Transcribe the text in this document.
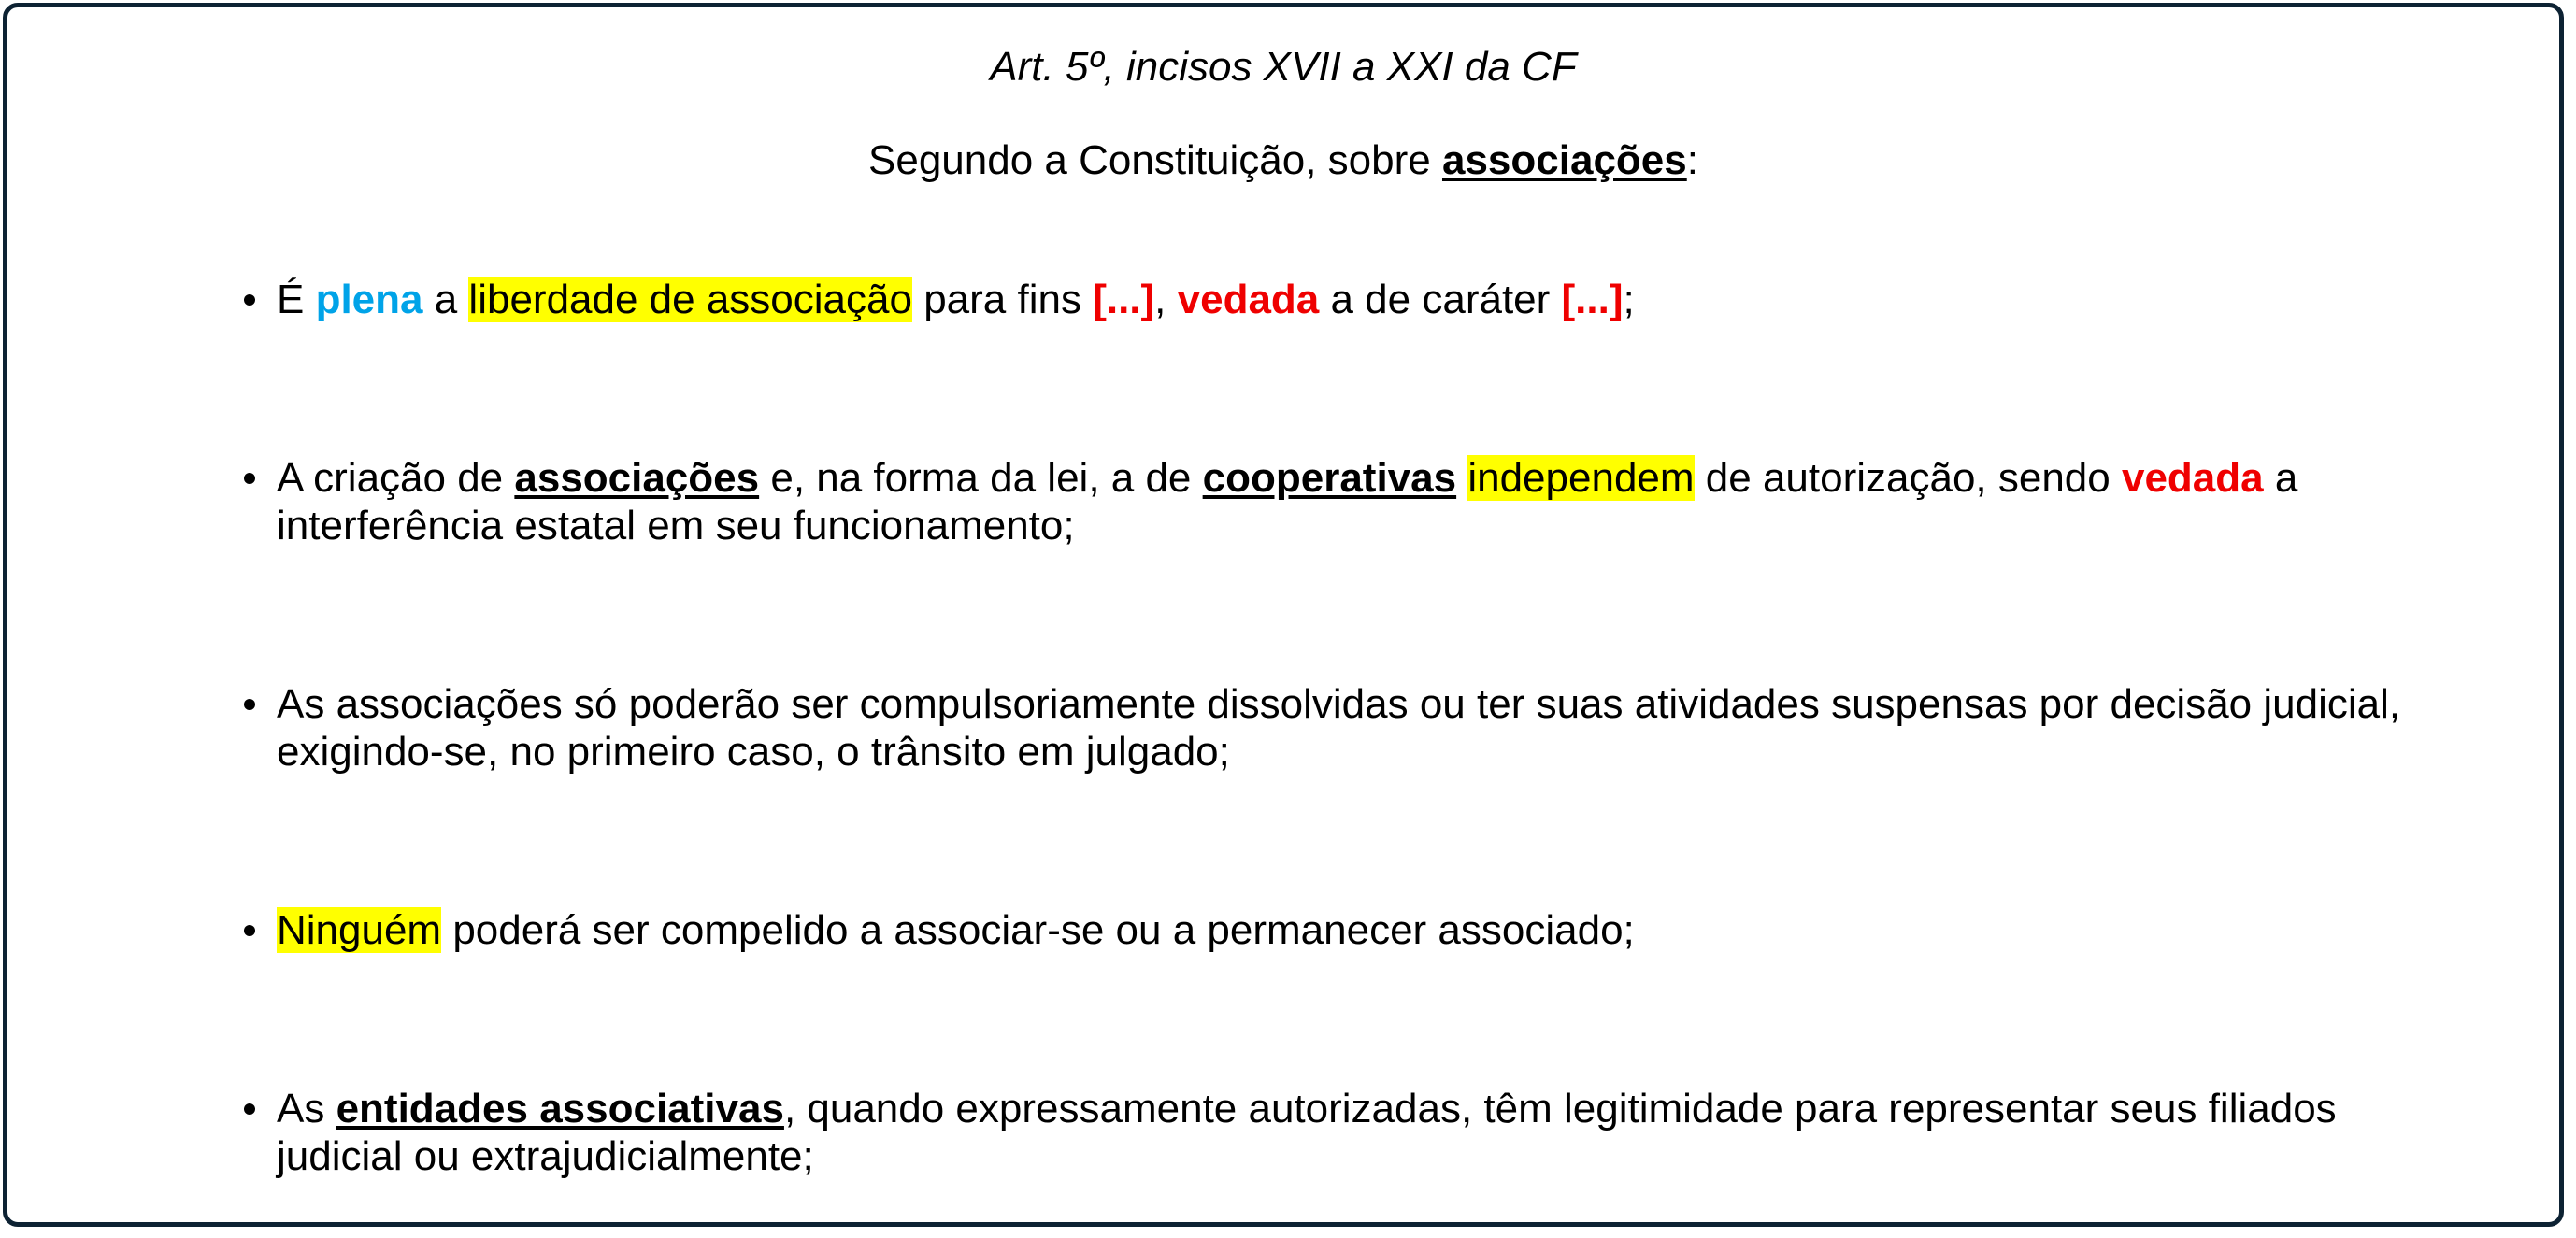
Art. 5º, incisos XVII a XXI da CF
Segundo a Constituição, sobre associações:
É plena a liberdade de associação para fins [...], vedada a de caráter [...];
A criação de associações e, na forma da lei, a de cooperativas independem de autorização, sendo vedada a interferência estatal em seu funcionamento;
As associações só poderão ser compulsoriamente dissolvidas ou ter suas atividades suspensas por decisão judicial, exigindo-se, no primeiro caso, o trânsito em julgado;
Ninguém poderá ser compelido a associar-se ou a permanecer associado;
As entidades associativas, quando expressamente autorizadas, têm legitimidade para representar seus filiados judicial ou extrajudicialmente;
